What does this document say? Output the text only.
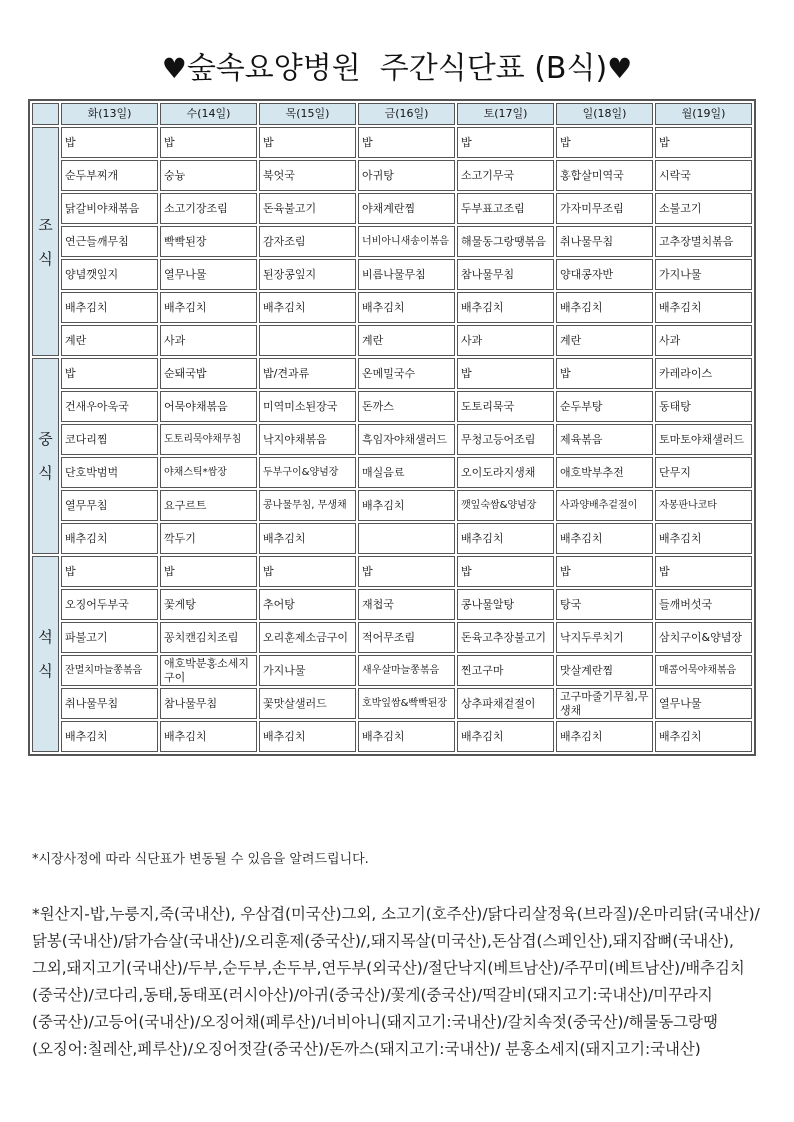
♥숲속요양병원  주간식단표 (B식)♥
	화(13일)	수(14일)	목(15일)	금(16일)	토(17일)	일(18일)	월(19일)
조
식	밥	밥	밥	밥	밥	밥	밥
	순두부찌개	숭늉	북엇국	아귀탕	소고기무국	홍합살미역국	시락국
	닭갈비야채볶음	소고기장조림	돈육불고기	야채계란찜	두부표고조림	가자미무조림	소불고기
	연근들깨무침	빡빡된장	감자조림	너비아니새송이볶음	해물동그랑땡볶음	취나물무침	고추장멸치볶음
	양념깻잎지	열무나물	된장콩잎지	비름나물무침	참나물무침	양대콩자반	가지나물
	배추김치	배추김치	배추김치	배추김치	배추김치	배추김치	배추김치
	계란	사과		계란	사과	계란	사과
중
식	밥	순돼국밥	밥/견과류	온메밀국수	밥	밥	카레라이스
	건새우아욱국	어묵야채볶음	미역미소된장국	돈까스	도토리묵국	순두부탕	동태탕
	코다리찜	도토리묵야채무침	낙지야채볶음	흑임자야채샐러드	무청고등어조림	제육볶음	토마토야채샐러드
	단호박범벅	야채스틱*쌈장	두부구이&양념장	매실음료	오이도라지생채	애호박부추전	단무지
	열무무침	요구르트	콩나물무침, 무생채	배추김치	깻잎숙쌈&양념장	사과양배추겉절이	자몽판나코타
	배추김치	깍두기	배추김치		배추김치	배추김치	배추김치
석
식	밥	밥	밥	밥	밥	밥	밥
	오징어두부국	꽃게탕	추어탕	재첩국	콩나물알탕	탕국	들깨버섯국
	파불고기	꽁치캔김치조림	오리훈제소금구이	적어무조림	돈육고추장불고기	낙지두루치기	삼치구이&양념장
	잔멸치마늘쫑볶음	애호박분홍소세지구이	가지나물	새우살마늘쫑볶음	찐고구마	맛살계란찜	매콤어묵야채볶음
	취나물무침	참나물무침	꽃맛살샐러드	호박잎쌈&빡빡된장	상추파채겉절이	고구마줄기무침,무생채	열무나물
	배추김치	배추김치	배추김치	배추김치	배추김치	배추김치	배추김치
*시장사정에 따라 식단표가 변동될 수 있음을 알려드립니다.
*원산지-밥,누룽지,죽(국내산), 우삼겹(미국산)그외, 소고기(호주산)/닭다리살정육(브라질)/온마리닭(국내산)/닭봉(국내산)/닭가슴살(국내산)/오리훈제(중국산)/,돼지목살(미국산),돈삼겹(스페인산),돼지잡뼈(국내산), 그외,돼지고기(국내산)/두부,순두부,손두부,연두부(외국산)/절단낙지(베트남산)/주꾸미(베트남산)/배추김치(중국산)/코다리,동태,동태포(러시아산)/아귀(중국산)/꽃게(중국산)/떡갈비(돼지고기:국내산)/미꾸라지(중국산)/고등어(국내산)/오징어채(페루산)/너비아니(돼지고기:국내산)/갈치속젓(중국산)/해물동그랑땡(오징어:칠레산,페루산)/오징어젓갈(중국산)/돈까스(돼지고기:국내산)/ 분홍소세지(돼지고기:국내산)
